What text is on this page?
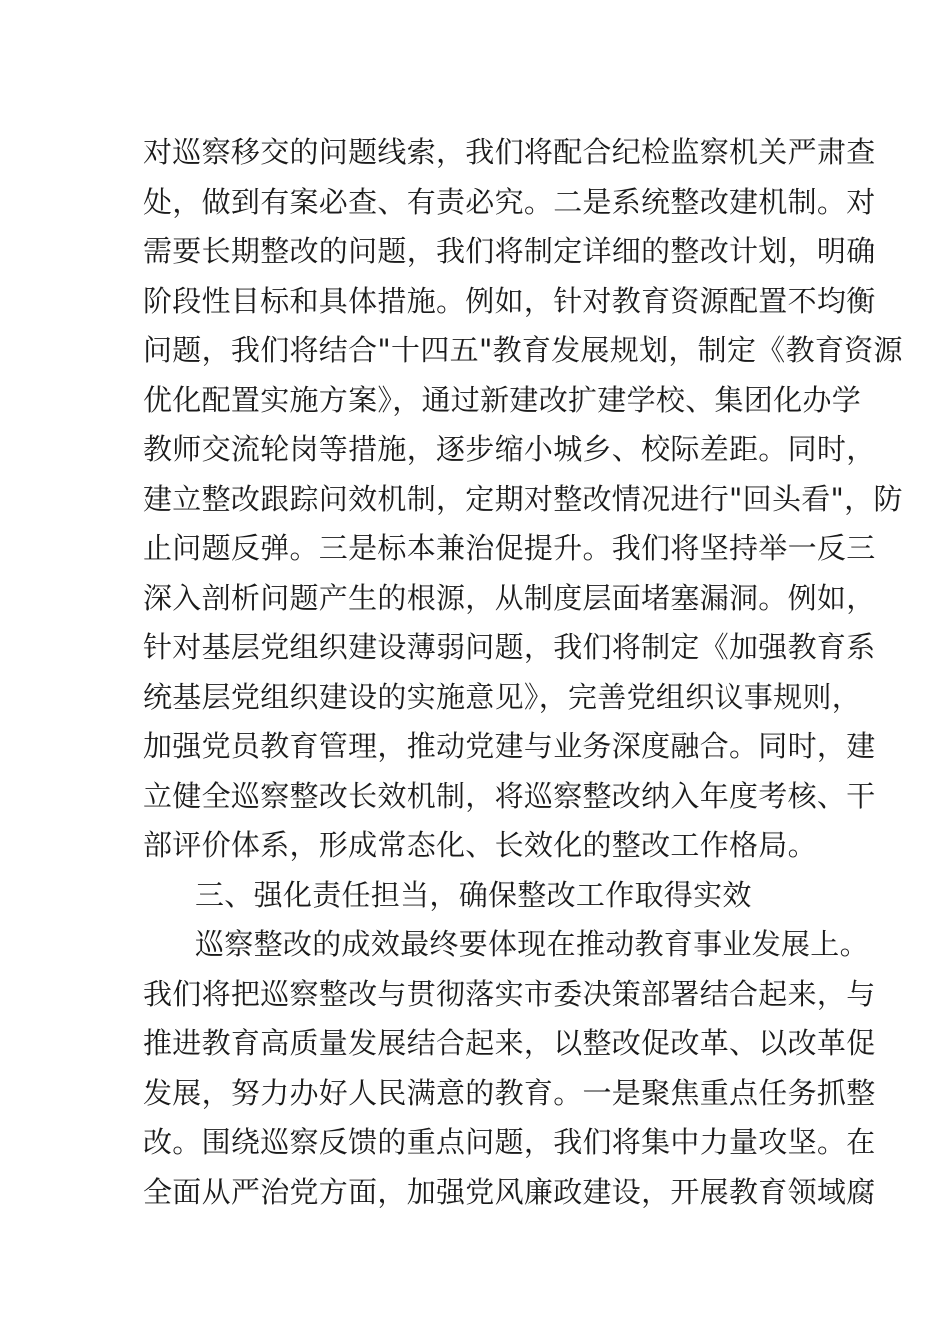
对巡察移交的问题线索，我们将配合纪检监察机关严肃查
处，做到有案必查、有责必究。二是系统整改建机制。对
需要长期整改的问题，我们将制定详细的整改计划，明确
阶段性目标和具体措施。例如，针对教育资源配置不均衡
问题，我们将结合"十四五"教育发展规划，制定《教育资源
优化配置实施方案》，通过新建改扩建学校、集团化办学
教师交流轮岗等措施，逐步缩小城乡、校际差距。同时，
建立整改跟踪问效机制，定期对整改情况进行"回头看"，防
止问题反弹。三是标本兼治促提升。我们将坚持举一反三
深入剖析问题产生的根源，从制度层面堵塞漏洞。例如，
针对基层党组织建设薄弱问题，我们将制定《加强教育系
统基层党组织建设的实施意见》，完善党组织议事规则，
加强党员教育管理，推动党建与业务深度融合。同时，建
立健全巡察整改长效机制，将巡察整改纳入年度考核、干
部评价体系，形成常态化、长效化的整改工作格局。
三、强化责任担当，确保整改工作取得实效
巡察整改的成效最终要体现在推动教育事业发展上。
我们将把巡察整改与贯彻落实市委决策部署结合起来，与
推进教育高质量发展结合起来，以整改促改革、以改革促
发展，努力办好人民满意的教育。一是聚焦重点任务抓整
改。围绕巡察反馈的重点问题，我们将集中力量攻坚。在
全面从严治党方面，加强党风廉政建设，开展教育领域腐
